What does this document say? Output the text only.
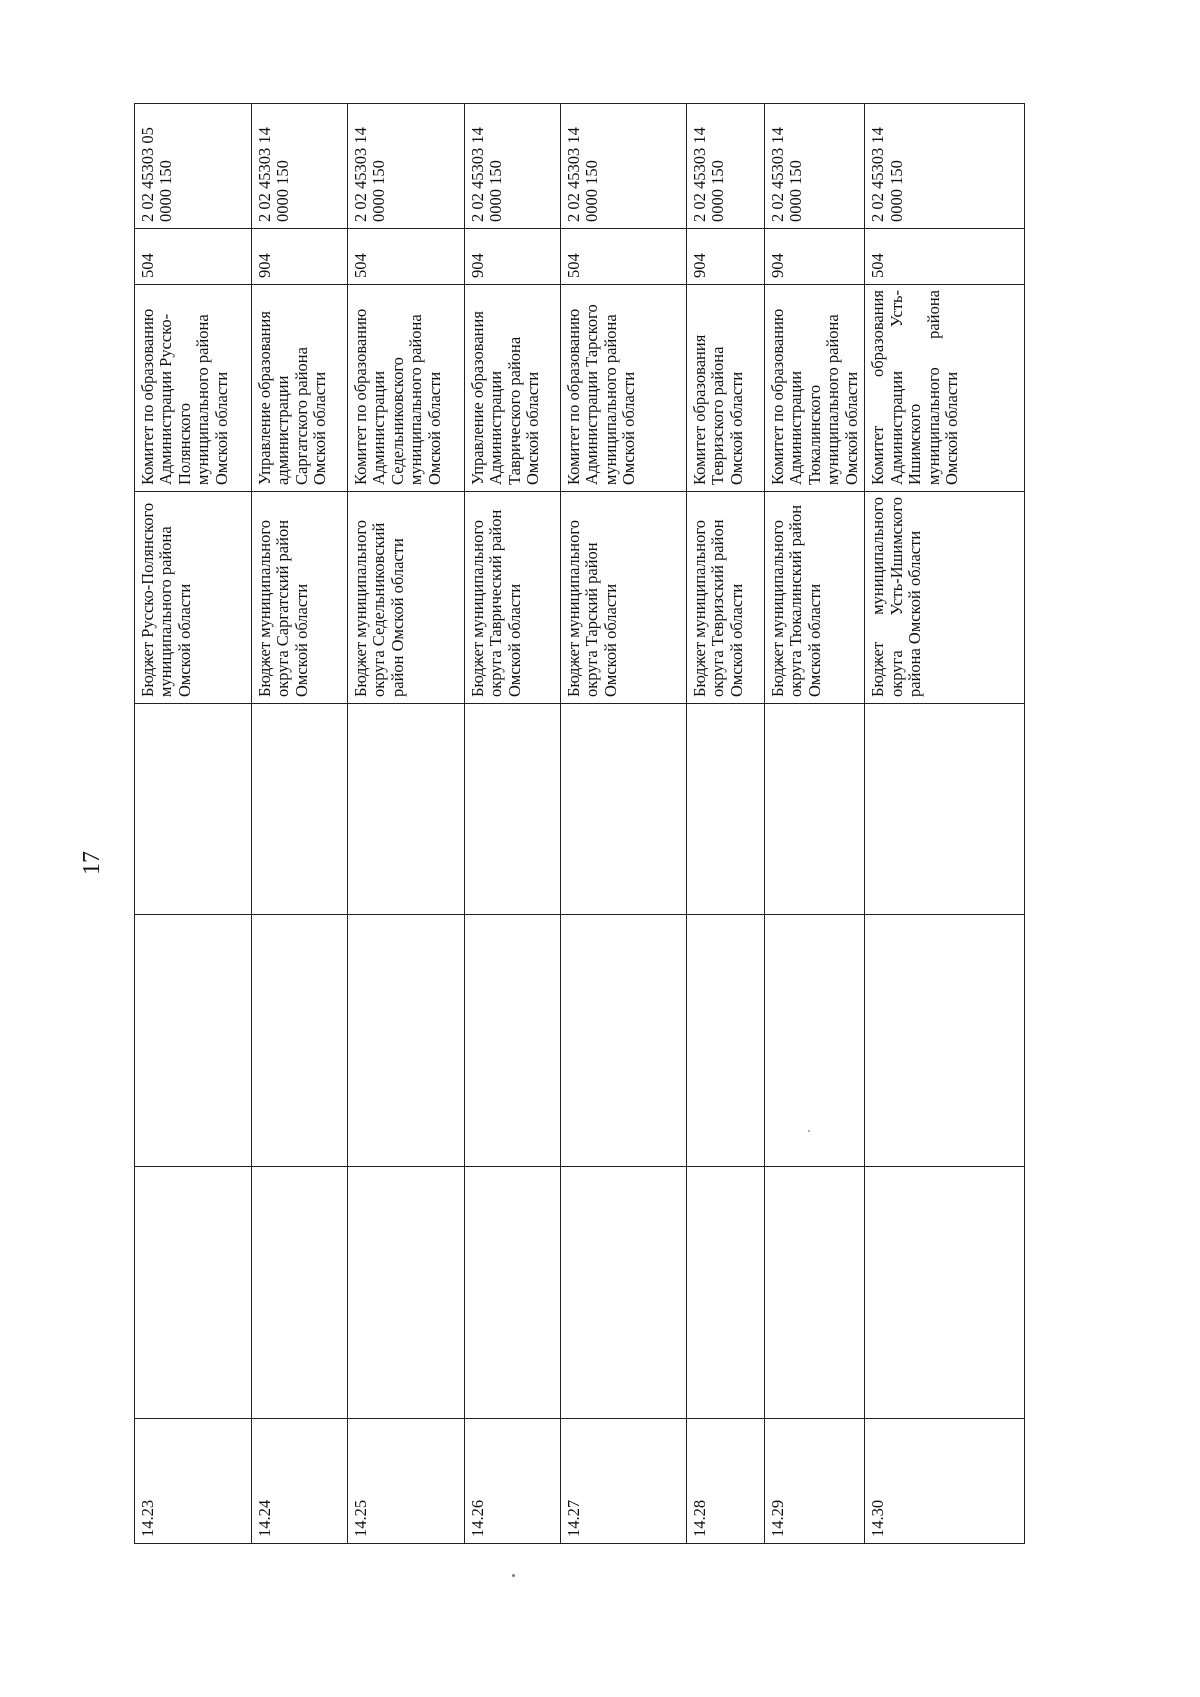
17
14.23				Бюджет Русско-Полянского муниципального района Омской области	Комитет по образованию Администрации Русско-Полянского муниципального района Омской области	504	2 02 45303 05 0000 150
14.24				Бюджет муниципального округа Саргатский район Омской области	Управление образования администрации Саргатского района Омской области	904	2 02 45303 14 0000 150
14.25				Бюджет муниципального округа Седельниковский район Омской области	Комитет по образованию Администрации Седельниковского муниципального района Омской области	504	2 02 45303 14 0000 150
14.26				Бюджет муниципального округа Таврический район Омской области	Управление образования Администрации Таврического района Омской области	904	2 02 45303 14 0000 150
14.27				Бюджет муниципального округа Тарский район Омской области	Комитет по образованию Администрации Тарского муниципального района Омской области	504	2 02 45303 14 0000 150
14.28				Бюджет муниципального округа Тевризский район Омской области	Комитет образования Тевризского района Омской области	904	2 02 45303 14 0000 150
14.29				Бюджет муниципального округа Тюкалинский район Омской области	Комитет по образованию Администрации Тюкалинского муниципального района Омской области	904	2 02 45303 14 0000 150
14.30				Бюджет муниципального округа Усть-Ишимского района Омской области	Комитет образования Администрации Усть-Ишимского муниципального района Омской области	504	2 02 45303 14 0000 150
